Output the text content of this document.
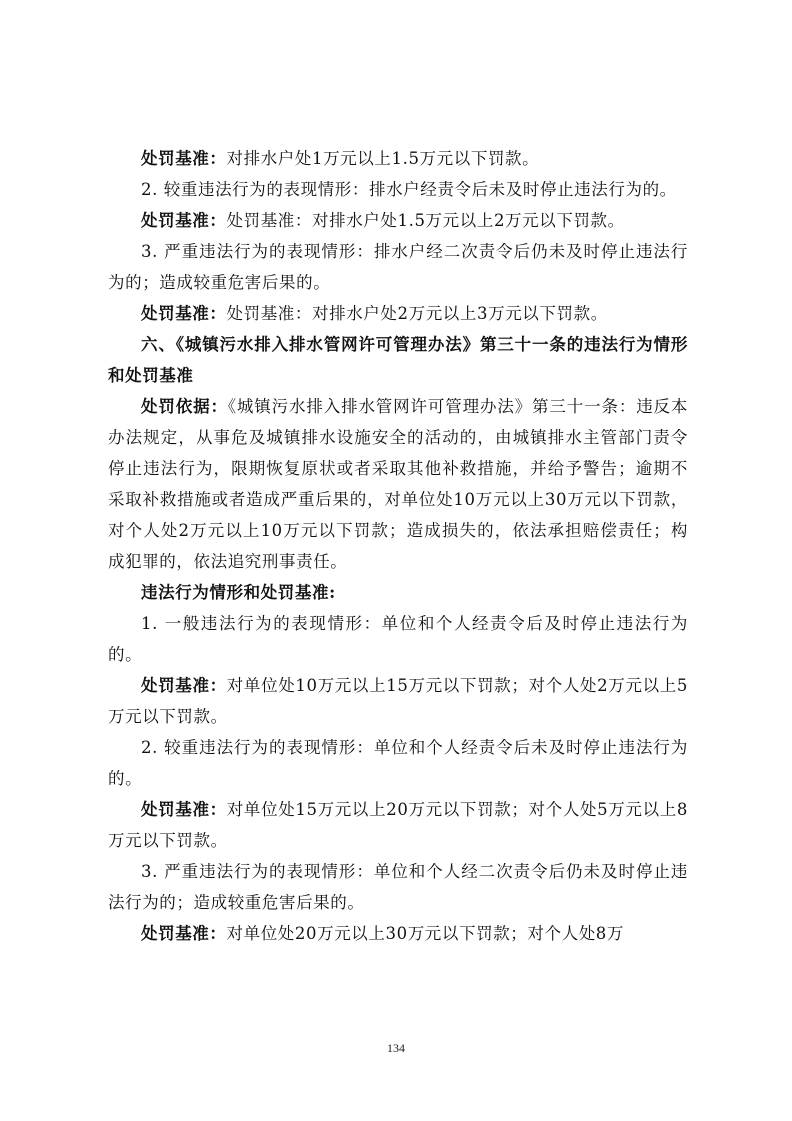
处罚基准：对排水户处1万元以上1.5万元以下罚款。

2. 较重违法行为的表现情形：排水户经责令后未及时停止违法行为的。

处罚基准：处罚基准：对排水户处1.5万元以上2万元以下罚款。

3. 严重违法行为的表现情形：排水户经二次责令后仍未及时停止违法行为的；造成较重危害后果的。

处罚基准：处罚基准：对排水户处2万元以上3万元以下罚款。

六、《城镇污水排入排水管网许可管理办法》第三十一条的违法行为情形和处罚基准

处罚依据：《城镇污水排入排水管网许可管理办法》第三十一条：违反本办法规定，从事危及城镇排水设施安全的活动的，由城镇排水主管部门责令停止违法行为，限期恢复原状或者采取其他补救措施，并给予警告；逾期不采取补救措施或者造成严重后果的，对单位处10万元以上30万元以下罚款，对个人处2万元以上10万元以下罚款；造成损失的，依法承担赔偿责任；构成犯罪的，依法追究刑事责任。

违法行为情形和处罚基准:

1. 一般违法行为的表现情形：单位和个人经责令后及时停止违法行为的。

处罚基准：对单位处10万元以上15万元以下罚款；对个人处2万元以上5万元以下罚款。

2. 较重违法行为的表现情形：单位和个人经责令后未及时停止违法行为的。

处罚基准：对单位处15万元以上20万元以下罚款；对个人处5万元以上8万元以下罚款。

3. 严重违法行为的表现情形：单位和个人经二次责令后仍未及时停止违法行为的；造成较重危害后果的。

处罚基准：对单位处20万元以上30万元以下罚款；对个人处8万

134
